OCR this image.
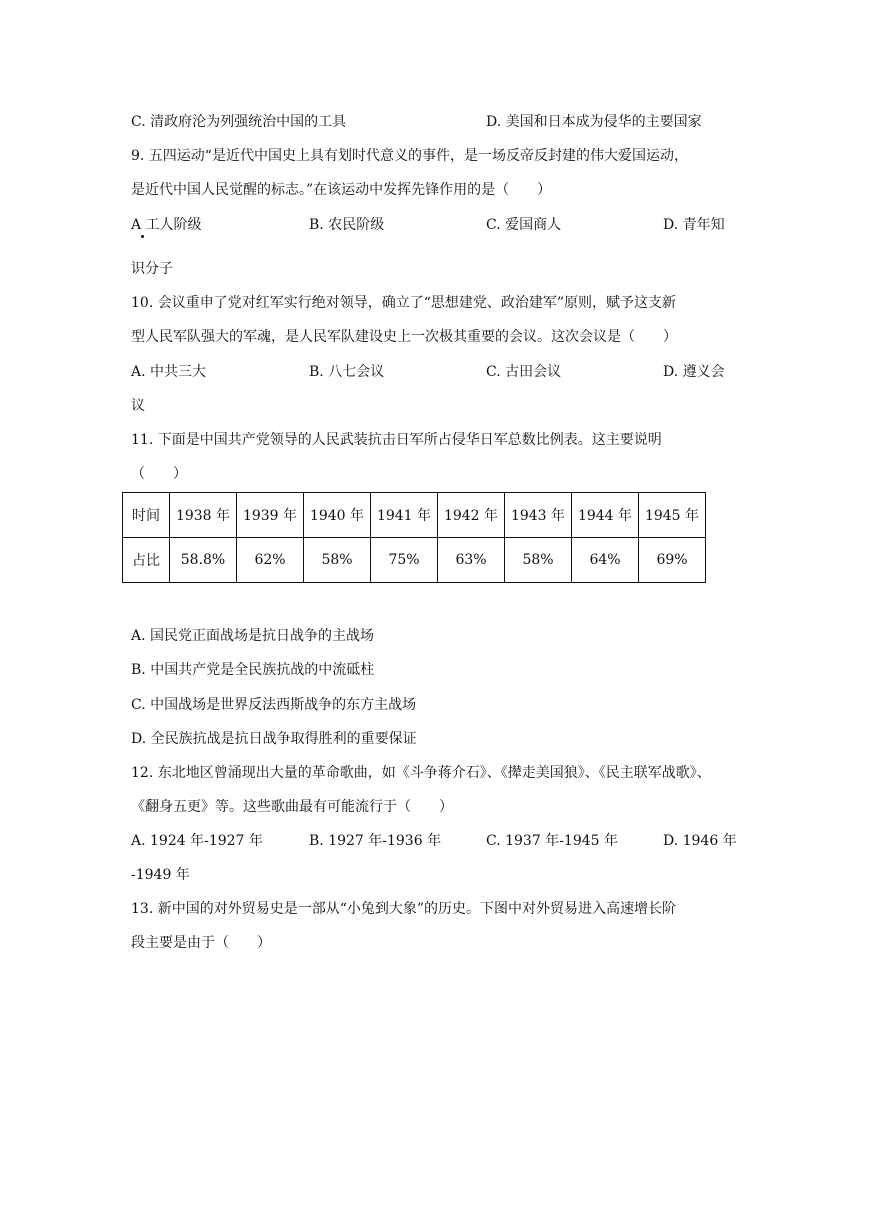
C. 清政府沦为列强统治中国的工具	D. 美国和日本成为侵华的主要国家
9. 五四运动“是近代中国史上具有划时代意义的事件，是一场反帝反封建的伟大爱国运动，
是近代中国人民觉醒的标志。”在该运动中发挥先锋作用的是（　　）
A 工人阶级	B. 农民阶级	C. 爱国商人	D. 青年知
识分子
10. 会议重申了党对红军实行绝对领导，确立了“思想建党、政治建军”原则，赋予这支新
型人民军队强大的军魂，是人民军队建设史上一次极其重要的会议。这次会议是（　　）
A. 中共三大	B. 八七会议	C. 古田会议	D. 遵义会
议
11. 下面是中国共产党领导的人民武装抗击日军所占侵华日军总数比例表。这主要说明
（　　）
时间	1938 年	1939 年	1940 年	1941 年	1942 年	1943 年	1944 年	1945 年
占比	58.8%	62%	58%	75%	63%	58%	64%	69%
A. 国民党正面战场是抗日战争的主战场
B. 中国共产党是全民族抗战的中流砥柱
C. 中国战场是世界反法西斯战争的东方主战场
D. 全民族抗战是抗日战争取得胜利的重要保证
12. 东北地区曾涌现出大量的革命歌曲，如《斗争蒋介石》、《撵走美国狼》、《民主联军战歌》、
《翻身五更》等。这些歌曲最有可能流行于（　　）
A. 1924 年-1927 年	B. 1927 年-1936 年	C. 1937 年-1945 年	D. 1946 年
-1949 年
13. 新中国的对外贸易史是一部从“小兔到大象”的历史。下图中对外贸易进入高速增长阶
段主要是由于（　　）
